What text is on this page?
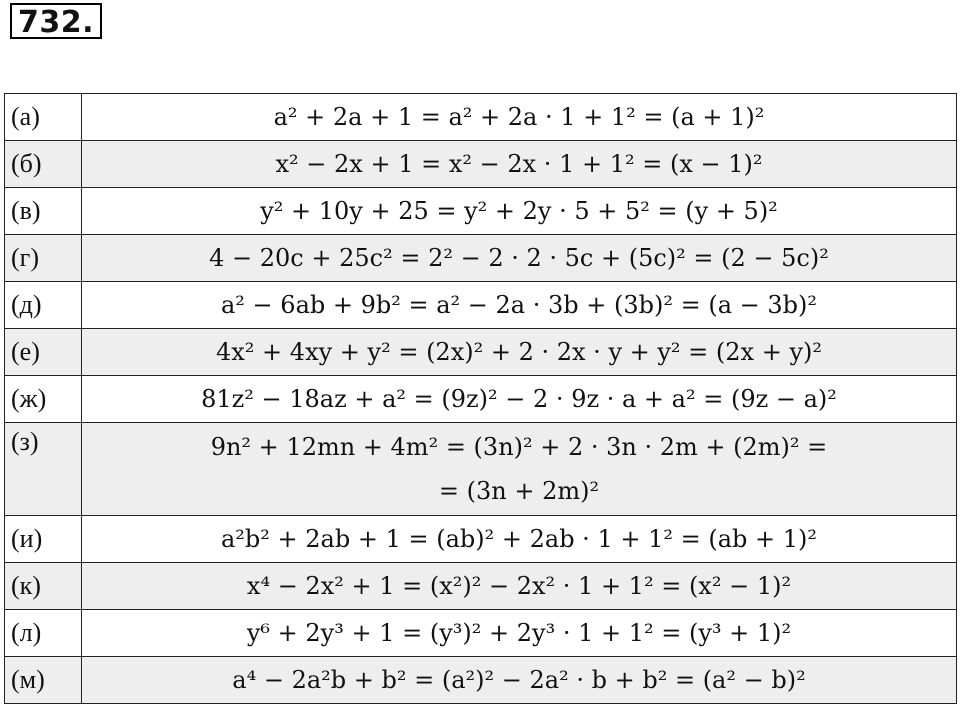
732.
(а)	a² + 2a + 1 = a² + 2a · 1 + 1² = (a + 1)²

(б)	x² − 2x + 1 = x² − 2x · 1 + 1² = (x − 1)²

(в)	y² + 10y + 25 = y² + 2y · 5 + 5² = (y + 5)²

(г)	4 − 20c + 25c² = 2² − 2 · 2 · 5c + (5c)² = (2 − 5c)²

(д)	a² − 6ab + 9b² = a² − 2a · 3b + (3b)² = (a − 3b)²

(е)	4x² + 4xy + y² = (2x)² + 2 · 2x · y + y² = (2x + y)²

(ж)	81z² − 18az + a² = (9z)² − 2 · 9z · a + a² = (9z − a)²

(з)	9n² + 12mn + 4m² = (3n)² + 2 · 3n · 2m + (2m)² =
= (3n + 2m)²

(и)	a²b² + 2ab + 1 = (ab)² + 2ab · 1 + 1² = (ab + 1)²

(к)	x⁴ − 2x² + 1 = (x²)² − 2x² · 1 + 1² = (x² − 1)²

(л)	y⁶ + 2y³ + 1 = (y³)² + 2y³ · 1 + 1² = (y³ + 1)²

(м)	a⁴ − 2a²b + b² = (a²)² − 2a² · b + b² = (a² − b)²
